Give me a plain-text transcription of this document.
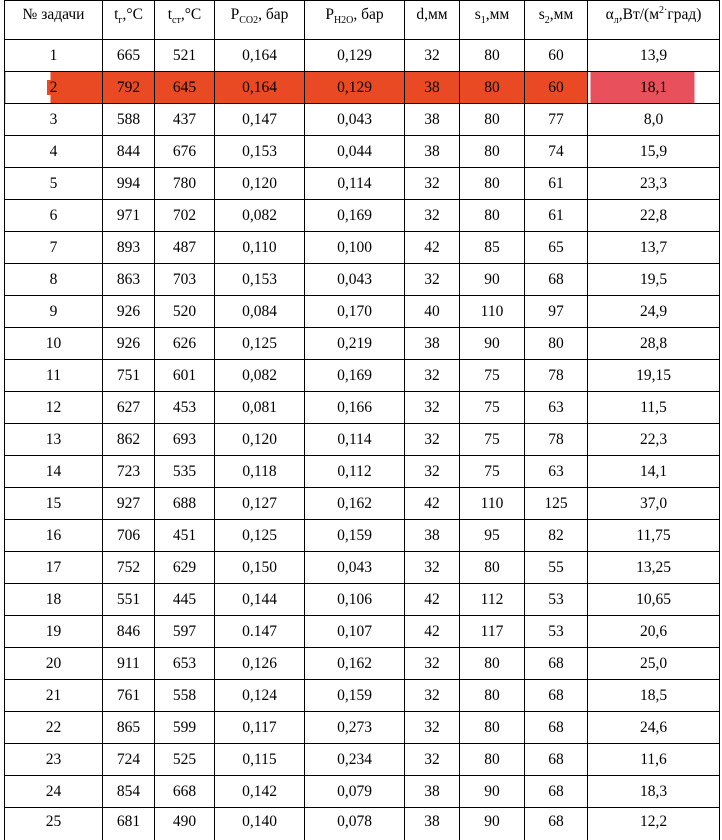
№ задачи	$t_г,^\circ C$	$t_{ст},^\circ C$	$P_{CO2}$, бар	$P_{H2O}$, бар	d,мм	$s_1,мм$	$s_2,мм$	$\alpha_л,Вт/(м^{2\cdot}град)$
1	665	521	0,164	0,129	32	80	60	13,9
2	792	645	0,164	0,129	38	80	60	18,1
3	588	437	0,147	0,043	38	80	77	8,0
4	844	676	0,153	0,044	38	80	74	15,9
5	994	780	0,120	0,114	32	80	61	23,3
6	971	702	0,082	0,169	32	80	61	22,8
7	893	487	0,110	0,100	42	85	65	13,7
8	863	703	0,153	0,043	32	90	68	19,5
9	926	520	0,084	0,170	40	110	97	24,9
10	926	626	0,125	0,219	38	90	80	28,8
11	751	601	0,082	0,169	32	75	78	19,15
12	627	453	0,081	0,166	32	75	63	11,5
13	862	693	0,120	0,114	32	75	78	22,3
14	723	535	0,118	0,112	32	75	63	14,1
15	927	688	0,127	0,162	42	110	125	37,0
16	706	451	0,125	0,159	38	95	82	11,75
17	752	629	0,150	0,043	32	80	55	13,25
18	551	445	0,144	0,106	42	112	53	10,65
19	846	597	0.147	0,107	42	117	53	20,6
20	911	653	0,126	0,162	32	80	68	25,0
21	761	558	0,124	0,159	32	80	68	18,5
22	865	599	0,117	0,273	32	80	68	24,6
23	724	525	0,115	0,234	32	80	68	11,6
24	854	668	0,142	0,079	38	90	68	18,3
25	681	490	0,140	0,078	38	90	68	12,2
